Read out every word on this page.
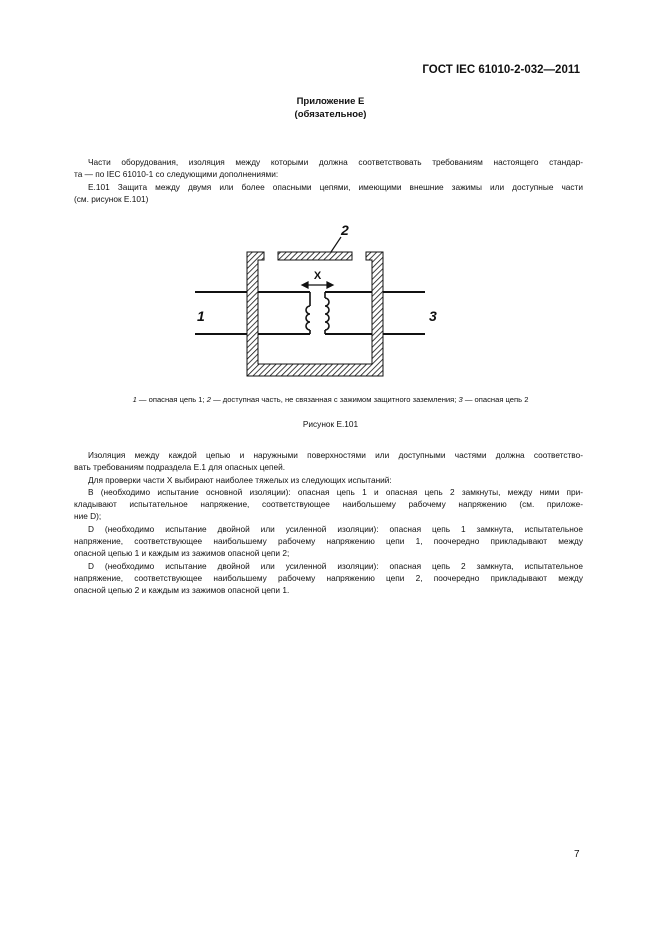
ГОСТ IEC 61010-2-032—2011
Приложение E
(обязательное)

Части оборудования, изоляция между которыми должна соответствовать требованиям настоящего стандар-

та — по IEC 61010-1 со следующими дополнениями:

Е.101 Защита между двумя или более опасными цепями, имеющими внешние зажимы или доступные части

(см. рисунок Е.101)

X
2
1	3
1 — опасная цепь 1; 2 — доступная часть, не связанная с зажимом защитного заземления; 3 — опасная цепь 2
Рисунок Е.101

Изоляция между каждой цепью и наружными поверхностями или доступными частями должна соответство-

вать требованиям подраздела Е.1 для опасных цепей.

Для проверки части X выбирают наиболее тяжелых из следующих испытаний:

В (необходимо испытание основной изоляции): опасная цепь 1 и опасная цепь 2 замкнуты, между ними при-

кладывают испытательное напряжение, соответствующее наибольшему рабочему напряжению (см. приложе-

ние D);

D (необходимо испытание двойной или усиленной изоляции): опасная цепь 1 замкнута, испытательное

напряжение, соответствующее наибольшему рабочему напряжению цепи 1, поочередно прикладывают между

опасной цепью 1 и каждым из зажимов опасной цепи 2;

D (необходимо испытание двойной или усиленной изоляции): опасная цепь 2 замкнута, испытательное

напряжение, соответствующее наибольшему рабочему напряжению цепи 2, поочередно прикладывают между

опасной цепью 2 и каждым из зажимов опасной цепи 1.

7
